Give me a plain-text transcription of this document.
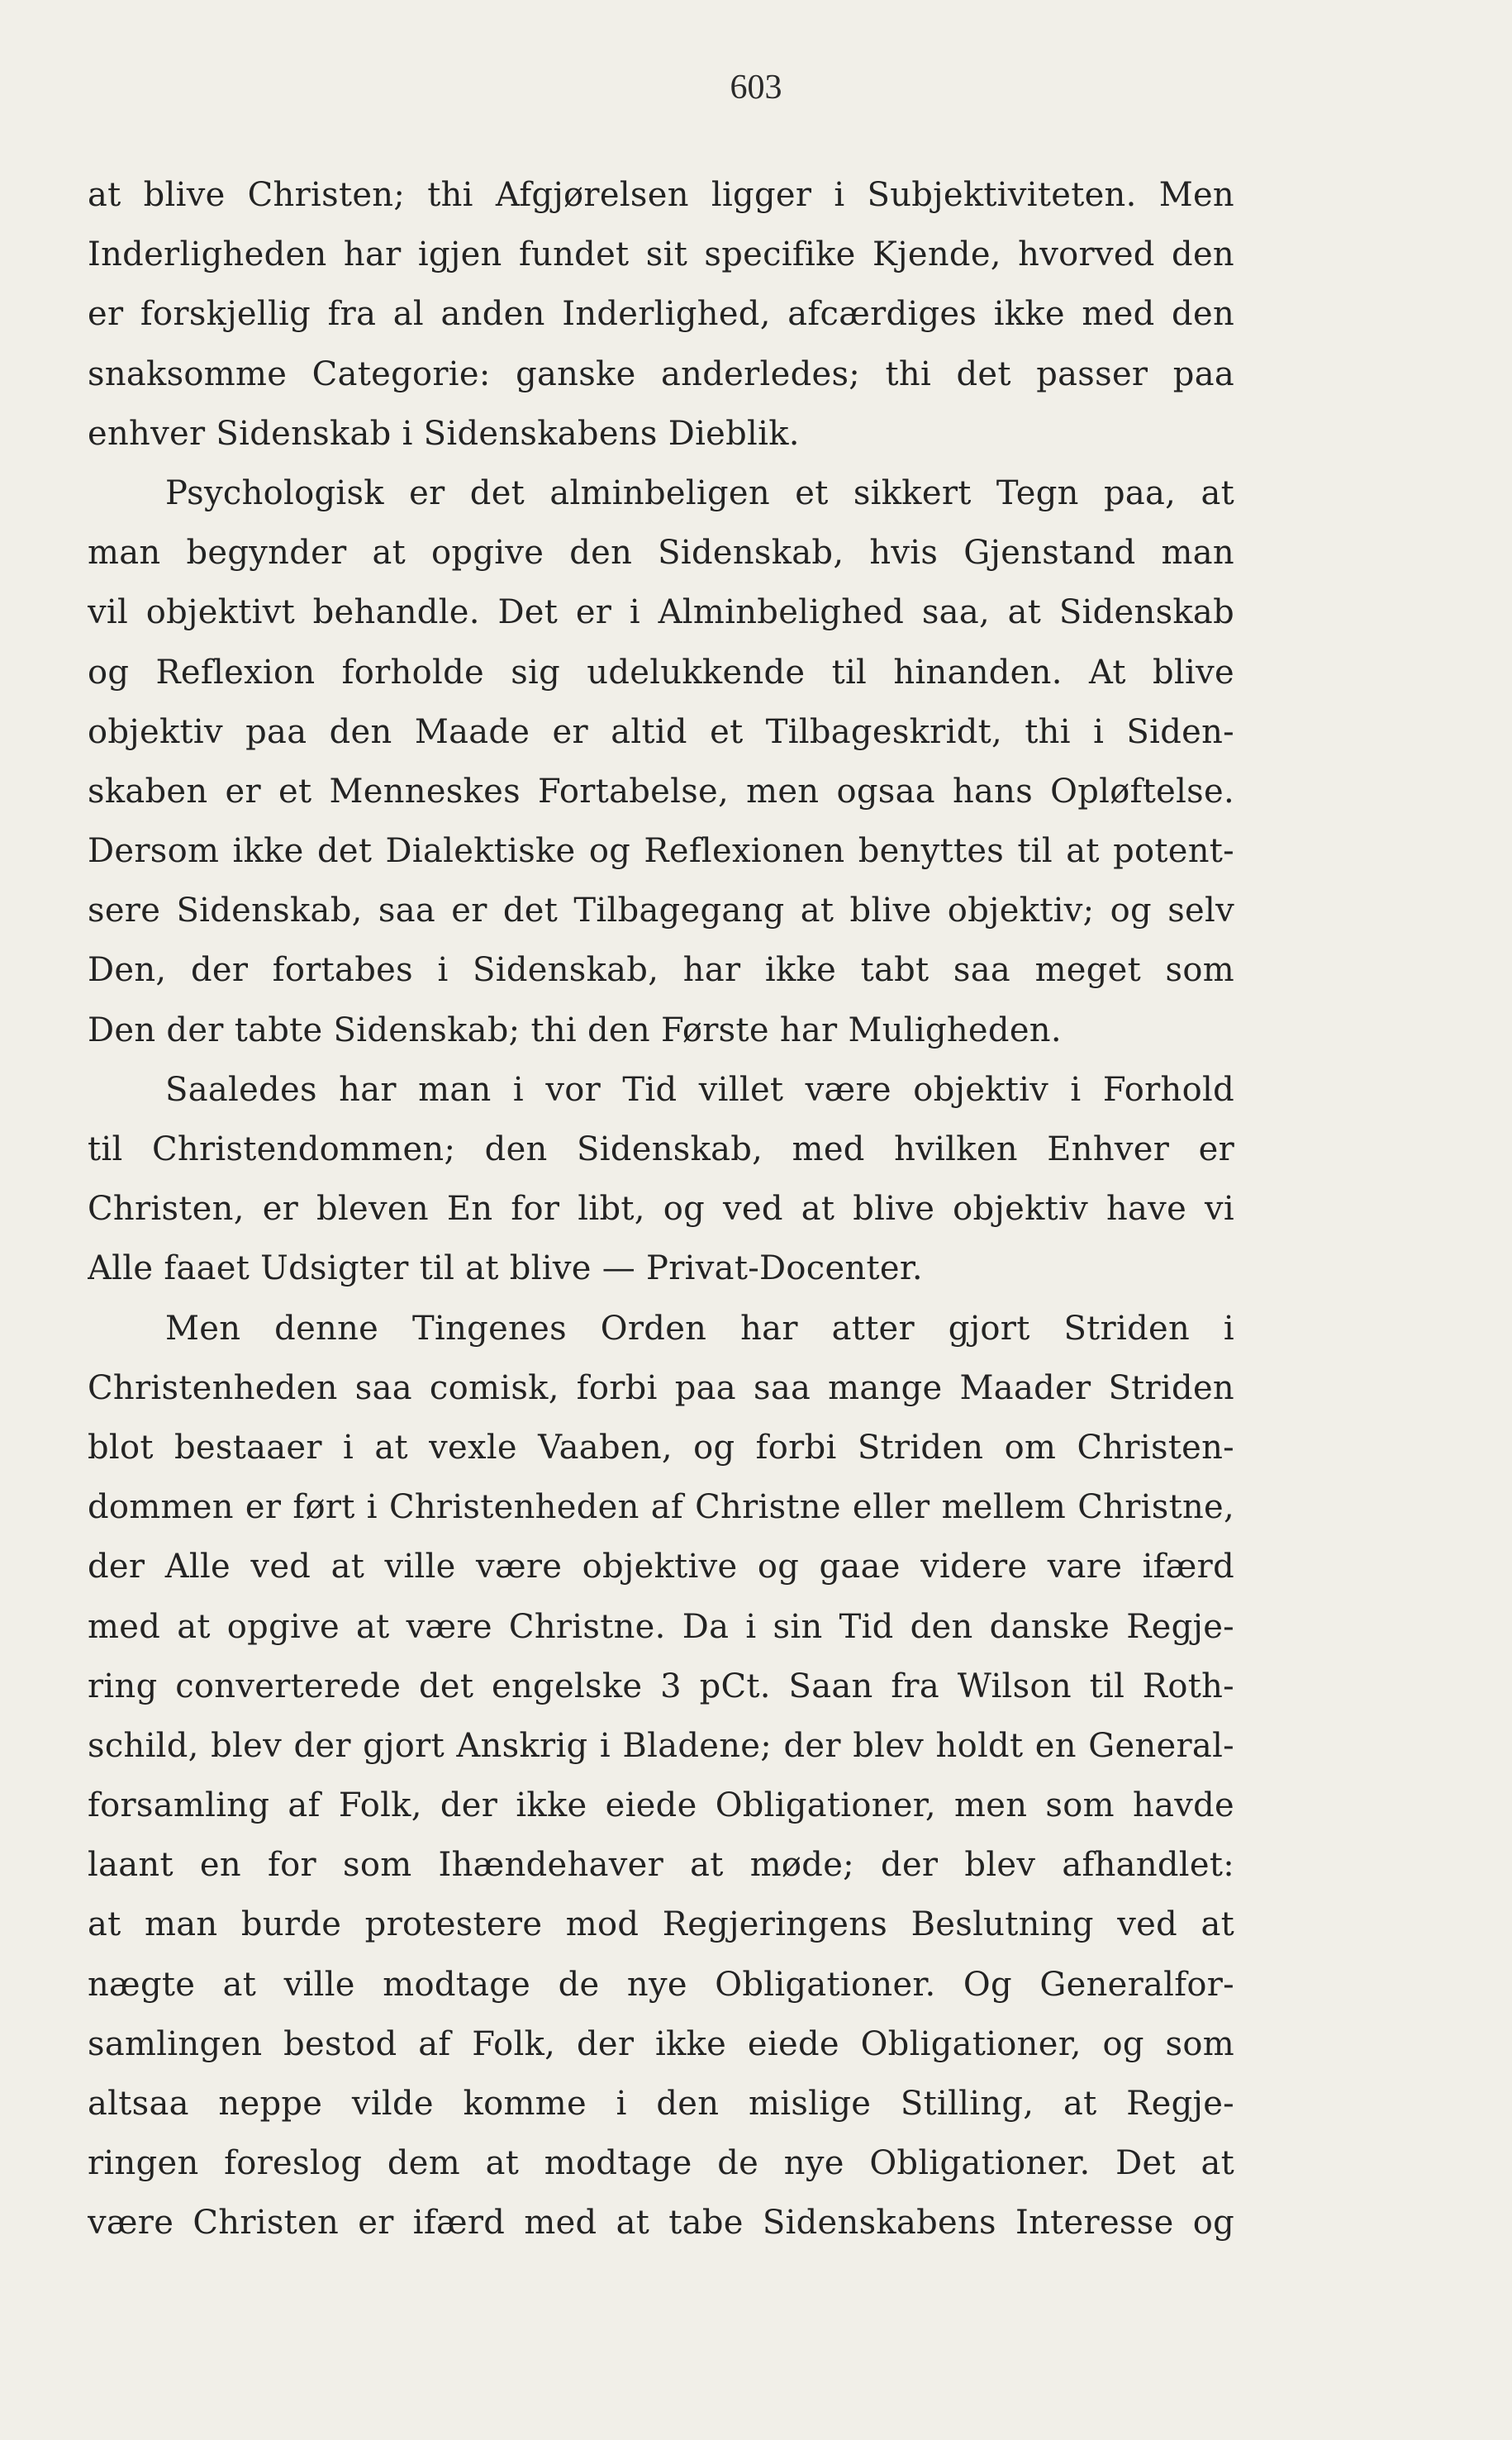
603
at blive Christen; thi Afgjørelsen ligger i Subjektiviteten. Men
Inderligheden har igjen fundet sit specifike Kjende, hvorved den
er forskjellig fra al anden Inderlighed, afcærdiges ikke med den
snaksomme Categorie: ganske anderledes; thi det passer paa
enhver Sidenskab i Sidenskabens Dieblik.
Psychologisk er det alminbeligen et sikkert Tegn paa, at
man begynder at opgive den Sidenskab, hvis Gjenstand man
vil objektivt behandle. Det er i Alminbelighed saa, at Sidenskab
og Reflexion forholde sig udelukkende til hinanden. At blive
objektiv paa den Maade er altid et Tilbageskridt, thi i Siden-
skaben er et Menneskes Fortabelse, men ogsaa hans Opløftelse.
Dersom ikke det Dialektiske og Reflexionen benyttes til at potent-
sere Sidenskab, saa er det Tilbagegang at blive objektiv; og selv
Den, der fortabes i Sidenskab, har ikke tabt saa meget som
Den der tabte Sidenskab; thi den Første har Muligheden.
Saaledes har man i vor Tid villet være objektiv i Forhold
til Christendommen; den Sidenskab, med hvilken Enhver er
Christen, er bleven En for libt, og ved at blive objektiv have vi
Alle faaet Udsigter til at blive — Privat-Docenter.
Men denne Tingenes Orden har atter gjort Striden i
Christenheden saa comisk, forbi paa saa mange Maader Striden
blot bestaaer i at vexle Vaaben, og forbi Striden om Christen-
dommen er ført i Christenheden af Christne eller mellem Christne,
der Alle ved at ville være objektive og gaae videre vare ifærd
med at opgive at være Christne. Da i sin Tid den danske Regje-
ring converterede det engelske 3 pCt. Saan fra Wilson til Roth-
schild, blev der gjort Anskrig i Bladene; der blev holdt en General-
forsamling af Folk, der ikke eiede Obligationer, men som havde
laant en for som Ihændehaver at møde; der blev afhandlet:
at man burde protestere mod Regjeringens Beslutning ved at
nægte at ville modtage de nye Obligationer. Og Generalfor-
samlingen bestod af Folk, der ikke eiede Obligationer, og som
altsaa neppe vilde komme i den mislige Stilling, at Regje-
ringen foreslog dem at modtage de nye Obligationer. Det at
være Christen er ifærd med at tabe Sidenskabens Interesse og
